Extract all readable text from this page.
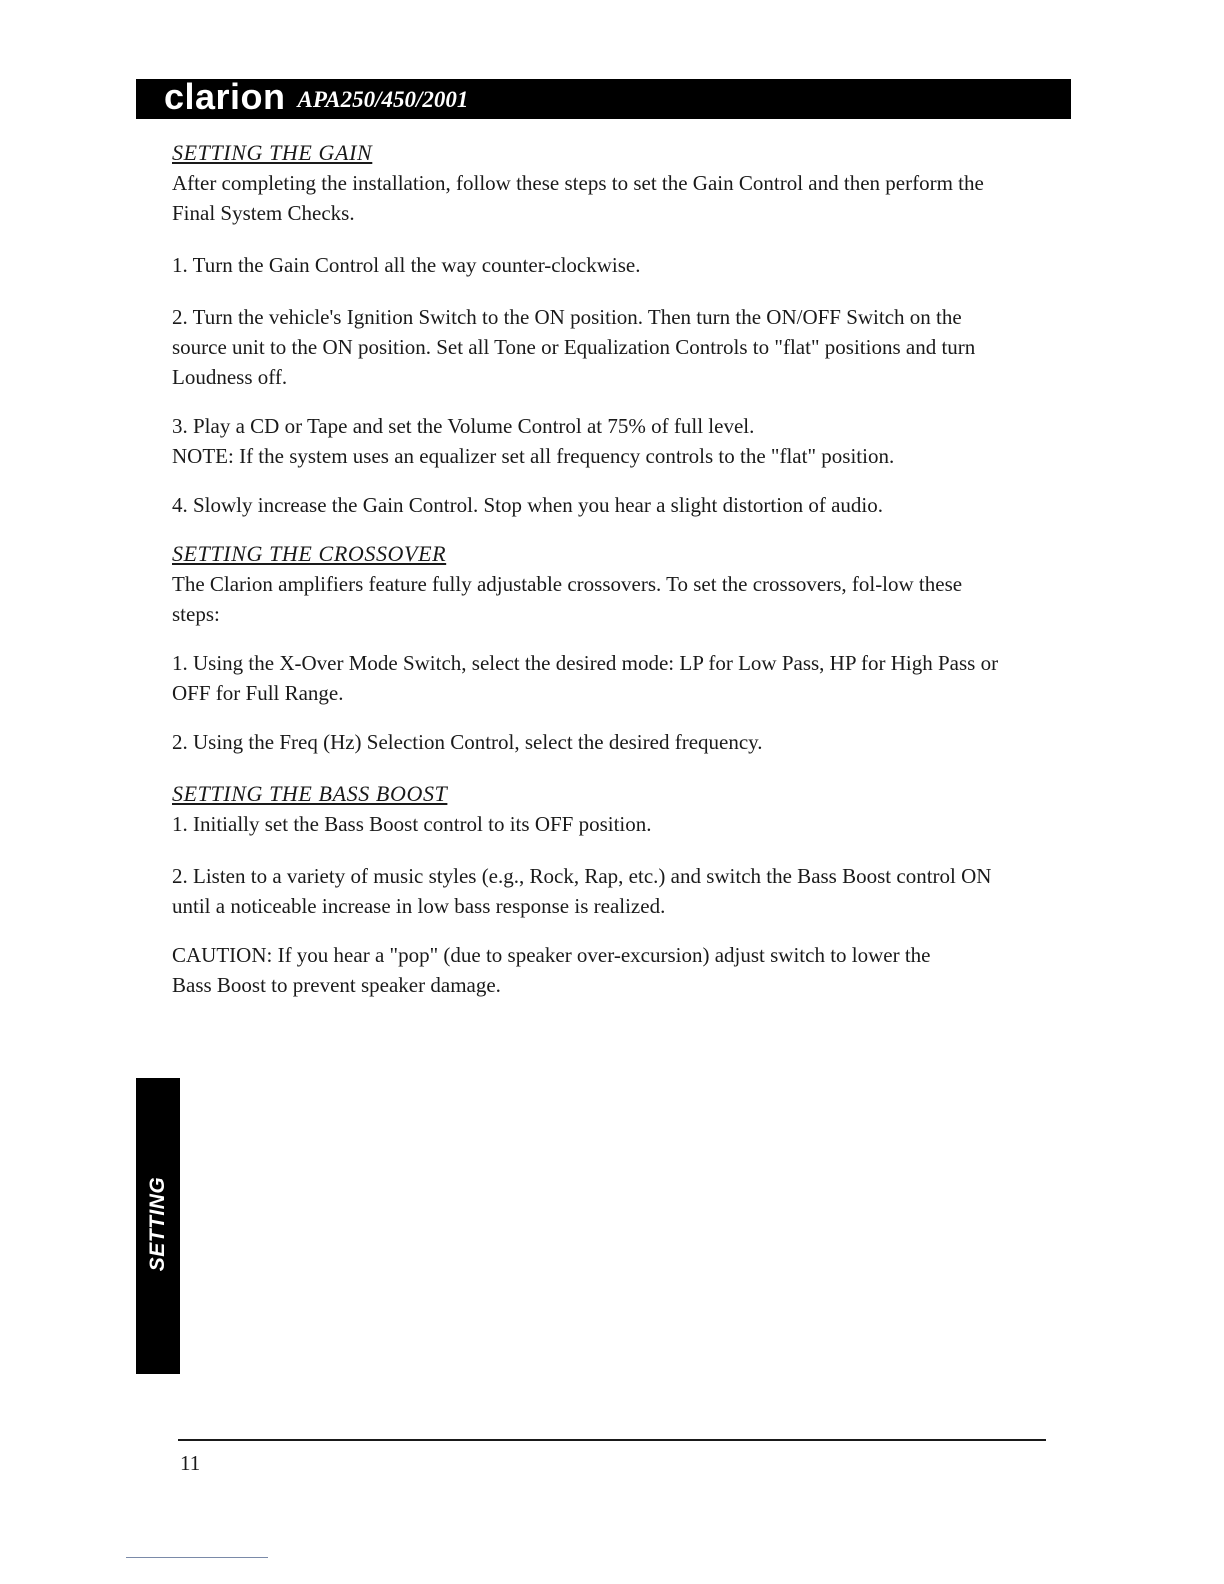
clarion APA250/450/2001

SETTING THE GAIN

After completing the installation, follow these steps to set the Gain Control and then perform the Final System Checks.

1. Turn the Gain Control all the way counter-clockwise.

2. Turn the vehicle's Ignition Switch to the ON position. Then turn the ON/OFF Switch on the source unit to the ON position. Set all Tone or Equalization Controls to "flat" positions and turn Loudness off.

3. Play a CD or Tape and set the Volume Control at 75% of full level.

NOTE: If the system uses an equalizer set all frequency controls to the "flat" position.

4. Slowly increase the Gain Control. Stop when you hear a slight distortion of audio.

SETTING THE CROSSOVER

The Clarion amplifiers feature fully adjustable crossovers. To set the crossovers, fol-low these steps:

1. Using the X-Over Mode Switch, select the desired mode: LP for Low Pass, HP for High Pass or OFF for Full Range.

2. Using the Freq (Hz) Selection Control, select the desired frequency.

SETTING THE BASS BOOST

1. Initially set the Bass Boost control to its OFF position.

2. Listen to a variety of music styles (e.g., Rock, Rap, etc.) and switch the Bass Boost control ON until a noticeable increase in low bass response is realized.

CAUTION: If you hear a "pop" (due to speaker over-excursion) adjust switch to lower the Bass Boost to prevent speaker damage.

SETTING
11
